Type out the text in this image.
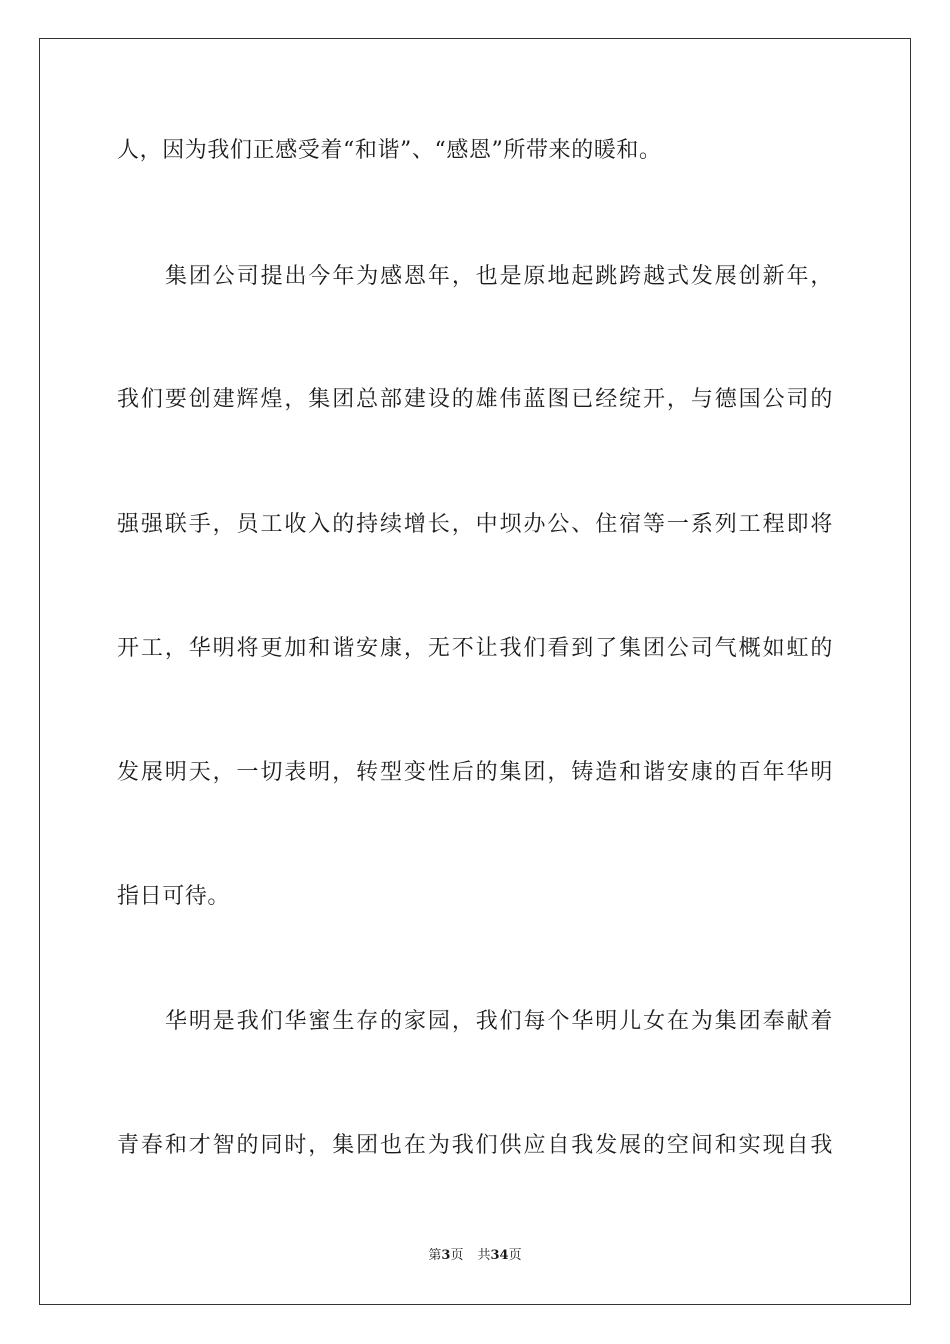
人，因为我们正感受着“和谐”、“感恩”所带来的暖和。
集团公司提出今年为感恩年，也是原地起跳跨越式发展创新年，
我们要创建辉煌，集团总部建设的雄伟蓝图已经绽开，与德国公司的
强强联手，员工收入的持续增长，中坝办公、住宿等一系列工程即将
开工，华明将更加和谐安康，无不让我们看到了集团公司气概如虹的
发展明天，一切表明，转型变性后的集团，铸造和谐安康的百年华明
指日可待。
华明是我们华蜜生存的家园，我们每个华明儿女在为集团奉献着
青春和才智的同时，集团也在为我们供应自我发展的空间和实现自我
第3页 共34页
